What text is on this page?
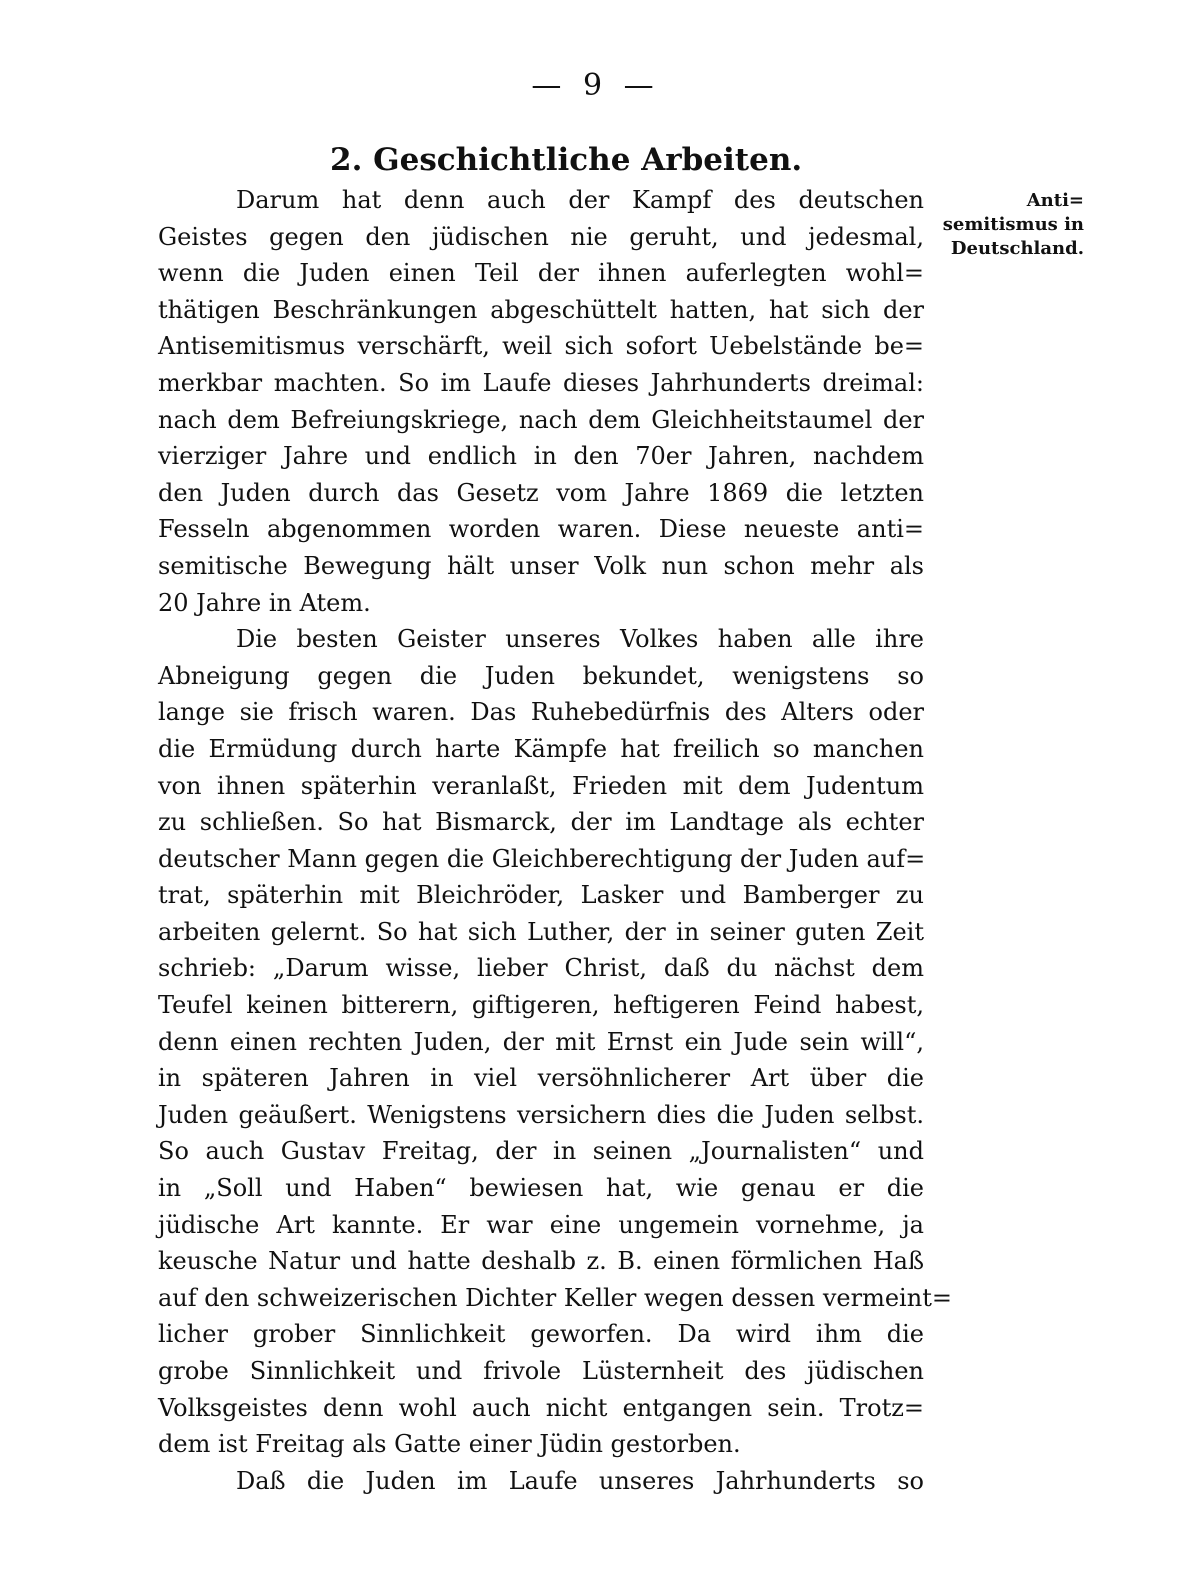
— 9 —
2. Geschichtliche Arbeiten.
Anti=
semitismus in
Deutschland.
Darum hat denn auch der Kampf des deutschen
Geistes gegen den jüdischen nie geruht, und jedesmal,
wenn die Juden einen Teil der ihnen auferlegten wohl=
thätigen Beschränkungen abgeschüttelt hatten, hat sich der
Antisemitismus verschärft, weil sich sofort Uebelstände be=
merkbar machten. So im Laufe dieses Jahrhunderts dreimal:
nach dem Befreiungskriege, nach dem Gleichheitstaumel der
vierziger Jahre und endlich in den 70er Jahren, nachdem
den Juden durch das Gesetz vom Jahre 1869 die letzten
Fesseln abgenommen worden waren. Diese neueste anti=
semitische Bewegung hält unser Volk nun schon mehr als
20 Jahre in Atem.
Die besten Geister unseres Volkes haben alle ihre
Abneigung gegen die Juden bekundet, wenigstens so
lange sie frisch waren. Das Ruhebedürfnis des Alters oder
die Ermüdung durch harte Kämpfe hat freilich so manchen
von ihnen späterhin veranlaßt, Frieden mit dem Judentum
zu schließen. So hat Bismarck, der im Landtage als echter
deutscher Mann gegen die Gleichberechtigung der Juden auf=
trat, späterhin mit Bleichröder, Lasker und Bamberger zu
arbeiten gelernt. So hat sich Luther, der in seiner guten Zeit
schrieb: „Darum wisse, lieber Christ, daß du nächst dem
Teufel keinen bitterern, giftigeren, heftigeren Feind habest,
denn einen rechten Juden, der mit Ernst ein Jude sein will“,
in späteren Jahren in viel versöhnlicherer Art über die
Juden geäußert. Wenigstens versichern dies die Juden selbst.
So auch Gustav Freitag, der in seinen „Journalisten“ und
in „Soll und Haben“ bewiesen hat, wie genau er die
jüdische Art kannte. Er war eine ungemein vornehme, ja
keusche Natur und hatte deshalb z. B. einen förmlichen Haß
auf den schweizerischen Dichter Keller wegen dessen vermeint=
licher grober Sinnlichkeit geworfen. Da wird ihm die
grobe Sinnlichkeit und frivole Lüsternheit des jüdischen
Volksgeistes denn wohl auch nicht entgangen sein. Trotz=
dem ist Freitag als Gatte einer Jüdin gestorben.
Daß die Juden im Laufe unseres Jahrhunderts so
